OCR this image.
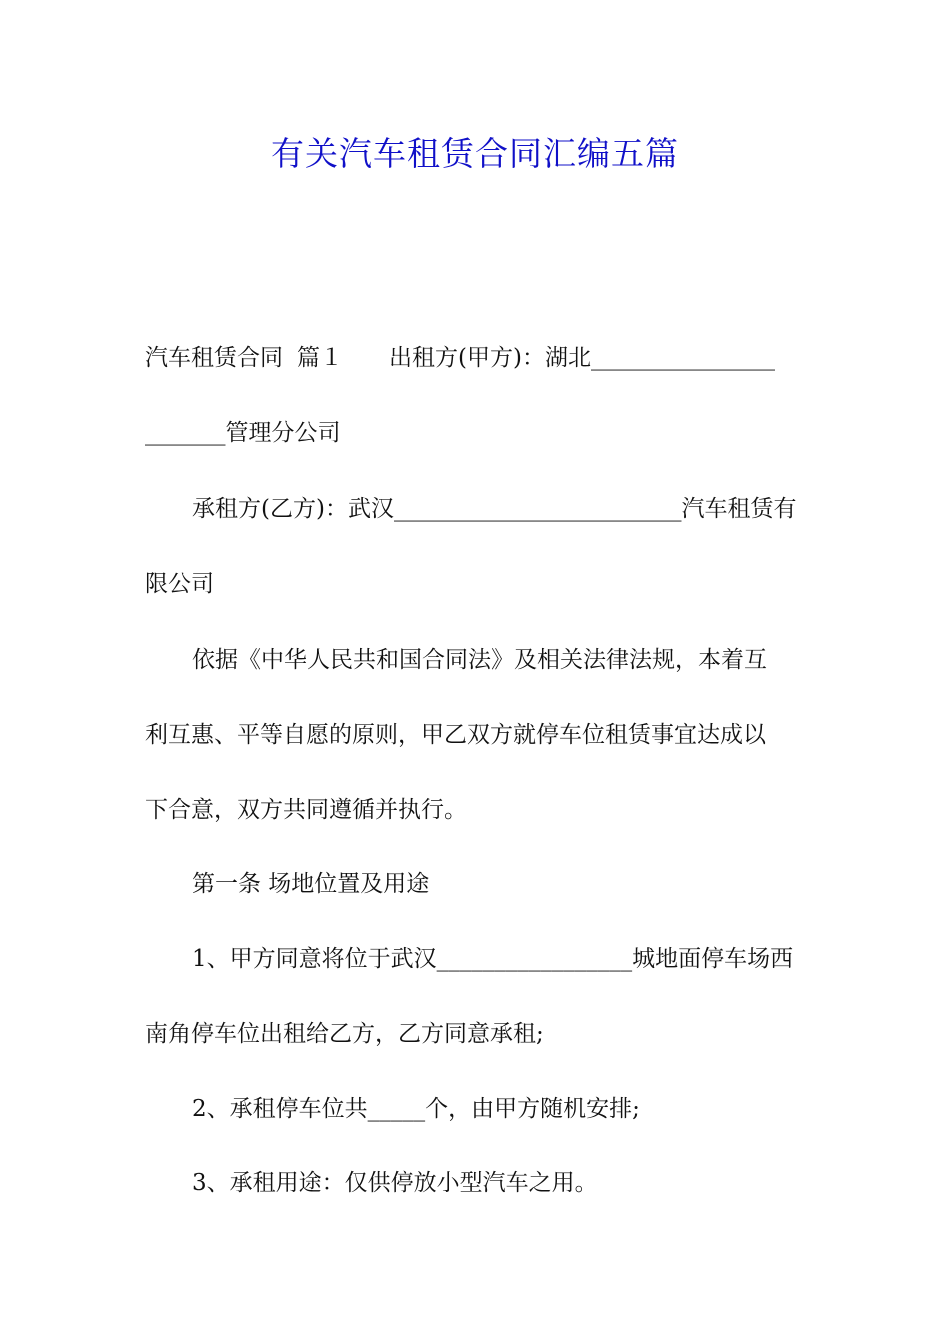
有关汽车租赁合同汇编五篇
汽车租赁合同 篇１ 出租方(甲方)：湖北________________
_______管理分公司
承租方(乙方)：武汉_________________________汽车租赁有
限公司
依据《中华人民共和国合同法》及相关法律法规，本着互
利互惠、平等自愿的原则，甲乙双方就停车位租赁事宜达成以
下合意，双方共同遵循并执行。
第一条 场地位置及用途
1、甲方同意将位于武汉_________________城地面停车场西
南角停车位出租给乙方，乙方同意承租;
2、承租停车位共_____个，由甲方随机安排;
3、承租用途：仅供停放小型汽车之用。
